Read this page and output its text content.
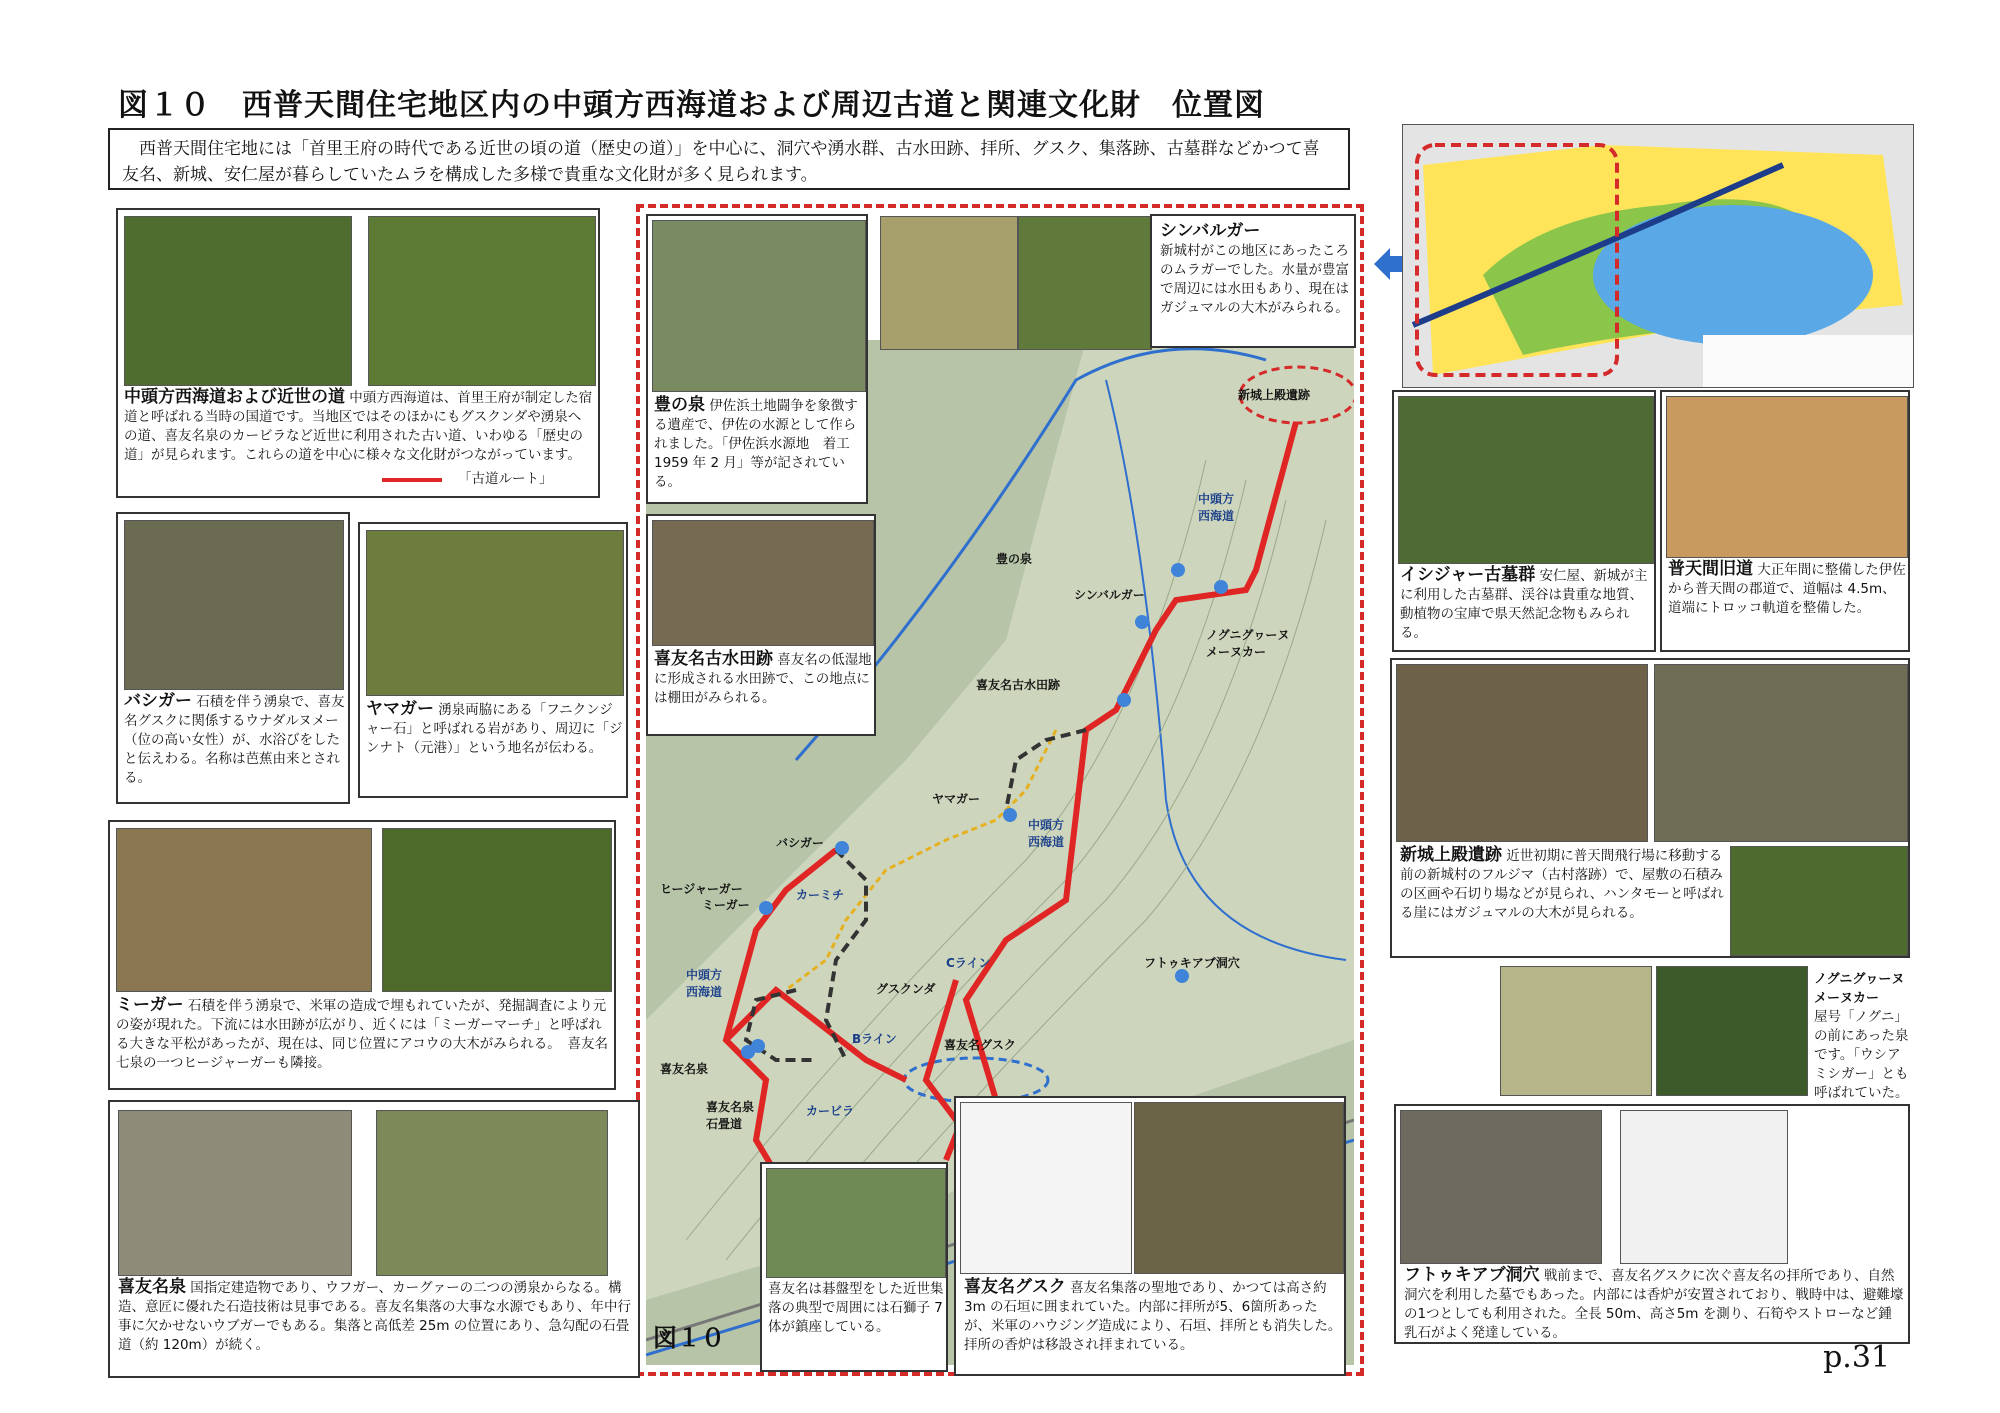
図１０　西普天間住宅地区内の中頭方西海道および周辺古道と関連文化財　位置図
　西普天間住宅地には「首里王府の時代である近世の頃の道（歴史の道）」を中心に、洞穴や湧水群、古水田跡、拝所、グスク、集落跡、古墓群などかつて喜友名、新城、安仁屋が暮らしていたムラを構成した多様で貴重な文化財が多く見られます。
新城上殿遺跡
中頭方
西海道
豊の泉
シンバルガー
ノグニグヮーヌ
メーヌカー
喜友名古水田跡
ヤマガー
中頭方
西海道
バシガー
ヒージャーガー	カーミチ
ミーガー
フトゥキアブ洞穴
Cライン
中頭方
西海道	グスクンダ
Bライン	喜友名グスク
喜友名泉
喜友名泉
石畳道
カービラ
中頭方西海道および近世の道 中頭方西海道は、首里王府が制定した宿道と呼ばれる当時の国道です。当地区ではそのほかにもグスクンダや湧泉への道、喜友名泉のカービラなど近世に利用された古い道、いわゆる「歴史の道」が見られます。これらの道を中心に様々な文化財がつながっています。
「古道ルート」
バシガー 石積を伴う湧泉で、喜友名グスクに関係するウナダルヌメー（位の高い女性）が、水浴びをしたと伝えわる。名称は芭蕉由来とされる。
ヤマガー 湧泉両脇にある「フニクンジャー石」と呼ばれる岩があり、周辺に「ジンナト（元港）」という地名が伝わる。
ミーガー 石積を伴う湧泉で、米軍の造成で埋もれていたが、発掘調査により元の姿が現れた。下流には水田跡が広がり、近くには「ミーガーマーチ」と呼ばれる大きな平松があったが、現在は、同じ位置にアコウの大木がみられる。　喜友名七泉の一つヒージャーガーも隣接。
喜友名泉 国指定建造物であり、ウフガー、カーグァーの二つの湧泉からなる。構造、意匠に優れた石造技術は見事である。喜友名集落の大事な水源でもあり、年中行事に欠かせないウブガーでもある。集落と高低差 25m の位置にあり、急勾配の石畳道（約 120m）が続く。
豊の泉 伊佐浜土地闘争を象徴する遺産で、伊佐の水源として作られました。「伊佐浜水源地　着工 1959 年 2 月」等が記されている。
喜友名古水田跡 喜友名の低湿地に形成される水田跡で、この地点には棚田がみられる。
シンバルガー
新城村がこの地区にあったころのムラガーでした。水量が豊富で周辺には水田もあり、現在はガジュマルの大木がみられる。
喜友名は碁盤型をした近世集落の典型で周囲には石獅子 7 体が鎮座している。
喜友名グスク 喜友名集落の聖地であり、かつては高さ約 3m の石垣に囲まれていた。内部に拝所が5、6箇所あったが、米軍のハウジング造成により、石垣、拝所とも消失した。拝所の香炉は移設され拝まれている。
図１０
イシジャー古墓群 安仁屋、新城が主に利用した古墓群、渓谷は貴重な地質、動植物の宝庫で県天然記念物もみられる。
普天間旧道 大正年間に整備した伊佐から普天間の郡道で、道幅は 4.5m、道端にトロッコ軌道を整備した。
新城上殿遺跡 近世初期に普天間飛行場に移動する前の新城村のフルジマ（古村落跡）で、屋敷の石積みの区画や石切り場などが見られ、ハンタモーと呼ばれる崖にはガジュマルの大木が見られる。
ノグニグヮーヌメーヌカー
屋号「ノグニ」の前にあった泉です。「ウシアミシガー」とも呼ばれていた。
フトゥキアブ洞穴 戦前まで、喜友名グスクに次ぐ喜友名の拝所であり、自然洞穴を利用した墓でもあった。内部には香炉が安置されており、戦時中は、避難壕の1つとしても利用された。全長 50m、高さ5m を測り、石筍やストローなど鍾乳石がよく発達している。
p.31
